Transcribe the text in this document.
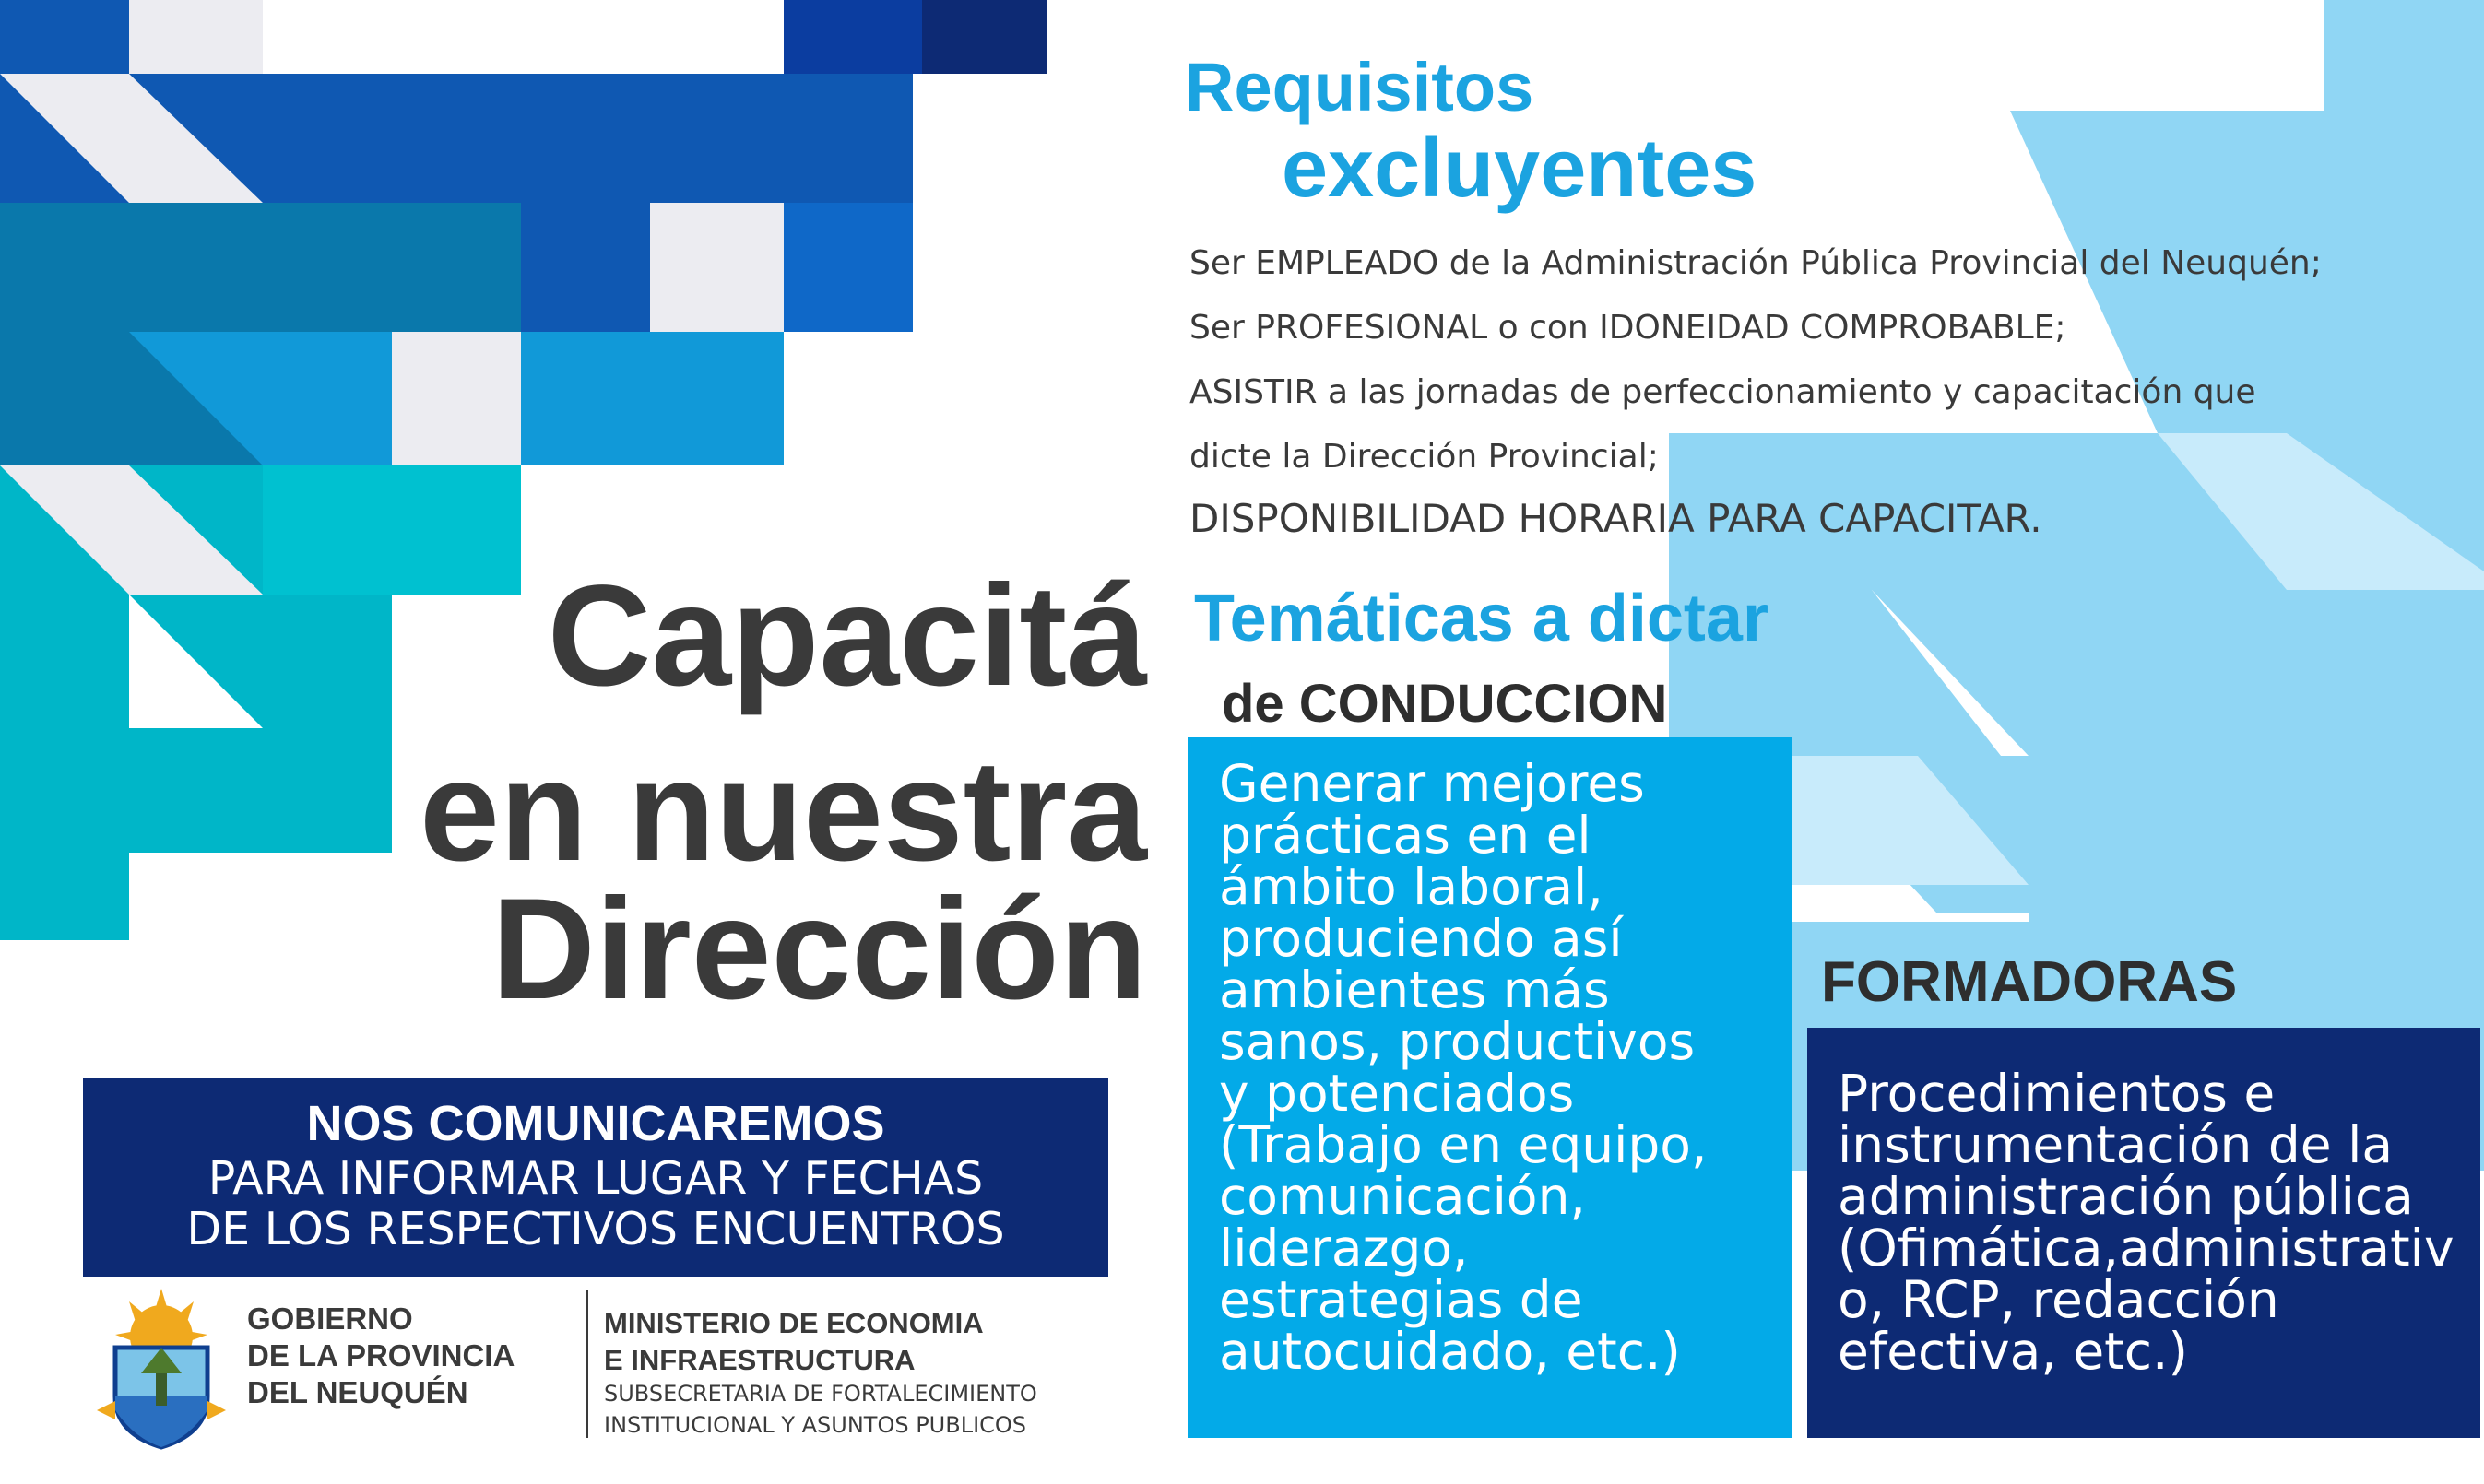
Requisitos

excluyentes

Ser EMPLEADO de la Administración Pública Provincial del Neuquén;

Ser PROFESIONAL o con IDONEIDAD COMPROBABLE;

ASISTIR a las jornadas de perfeccionamiento y capacitación que

dicte la Dirección Provincial;

DISPONIBILIDAD HORARIA PARA CAPACITAR.

Capacitá

en nuestra

Dirección

Temáticas a dictar

de CONDUCCION

Generar mejores
prácticas en el
ámbito laboral,
produciendo así
ambientes más
sanos, productivos
y potenciados
(Trabajo en equipo,
comunicación,
liderazgo,
estrategias de
autocuidado, etc.)

FORMADORAS

Procedimientos e
instrumentación de la
administración pública
(Ofimática,administrativ
o, RCP, redacción
efectiva, etc.)

NOS COMUNICAREMOS

PARA INFORMAR LUGAR Y FECHAS

DE LOS RESPECTIVOS ENCUENTROS

GOBIERNO

DE LA PROVINCIA

DEL NEUQUÉN

MINISTERIO DE ECONOMIA

E INFRAESTRUCTURA

SUBSECRETARIA DE FORTALECIMIENTO

INSTITUCIONAL Y ASUNTOS PUBLICOS
